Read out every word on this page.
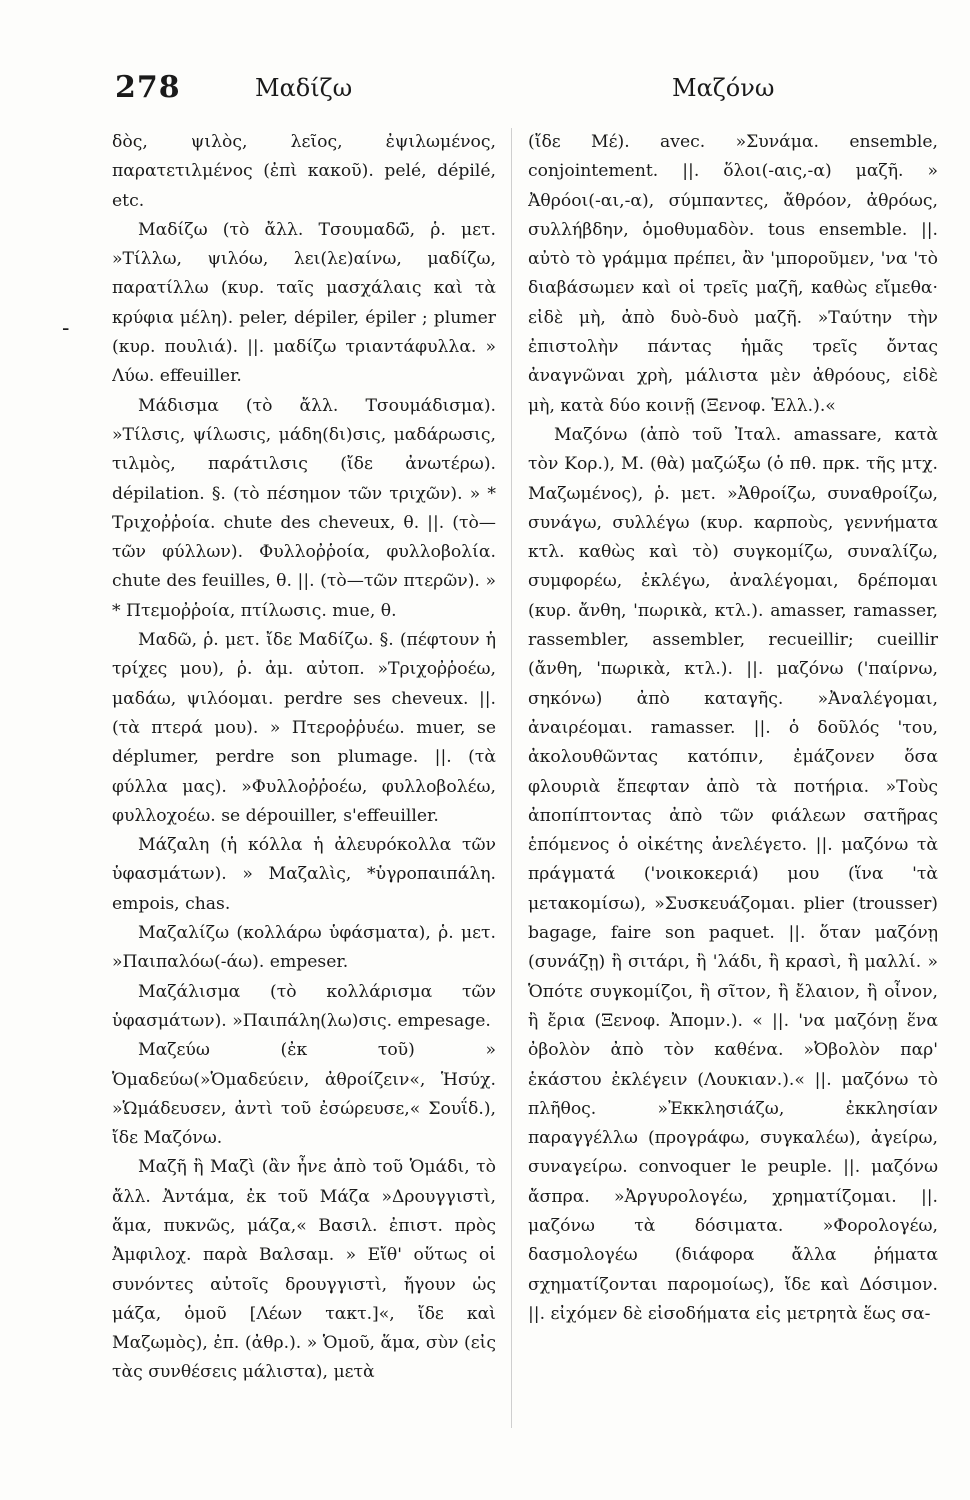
278	Μαδίζω	Μαζόνω
-

δὸς, ψιλὸς, λεῖος, ἐψιλωμένος, παρατετιλμένος (ἐπὶ κακοῦ). pelé, dépilé, etc.

Μαδίζω (τὸ ἄλλ. Τσουμαδῶ̈, ῥ. μετ. »Τίλλω, ψιλόω, λει(λε)αίνω, μαδίζω, παρατίλλω (κυρ. ταῖς μασχάλαις καὶ τὰ κρύφια μέλη). peler, dépiler, épiler ; plumer (κυρ. πουλιά). ||. μαδίζω τριαντάφυλλα. » Λύω. effeuiller.

Μάδισμα (τὸ ἄλλ. Τσουμάδισμα). »Τίλσις, ψίλωσις, μάδη(δι)σις, μαδάρωσις, τιλμὸς, παράτιλσις (ἴδε ἀνωτέρω). dépilation. §. (τὸ πέσημον τῶν τριχῶν). » * Τριχοῤῥοία. chute des cheveux, θ. ||. (τὸ—τῶν φύλλων). Φυλλοῤῥοία, φυλλοβολία. chute des feuilles, θ. ||. (τὸ—τῶν πτερῶν). » * Πτεμοῤῥοία, πτίλωσις. mue, θ.

Μαδῶ, ῥ. μετ. ἴδε Μαδίζω. §. (πέφτουν ἡ τρίχες μου), ῥ. ἀμ. αὐτοπ. »Τριχοῤῥοέω, μαδάω, ψιλόομαι. perdre ses cheveux. ||. (τὰ πτερά μου). » Πτεροῤῥυέω. muer, se déplumer, perdre son plumage. ||. (τὰ φύλλα μας). »Φυλλοῤῥοέω, φυλλοβολέω, φυλλοχοέω. se dépouiller, s'effeuiller.

Μάζαλη (ἡ κόλλα ἡ ἀλευρόκολλα τῶν ὑφασμάτων). » Μαζαλὶς, *ὑγροπαιπάλη. empois, chas.

Μαζαλίζω (κολλάρω ὑφάσματα), ῥ. μετ. »Παιπαλόω(-άω). empeser.

Μαζάλισμα (τὸ κολλάρισμα τῶν ὑφασμάτων). »Παιπάλη(λω)σις. empesage.

Μαζεύω (ἐκ τοῦ) » Ὁμαδεύω(»Ὁμαδεύειν, ἀθροίζειν«, Ἡσύχ. »Ὡμάδευσεν, ἀντὶ τοῦ ἐσώρευσε,« Σουΐδ.), ἴδε Μαζόνω.

Μαζῆ ἢ Μαζὶ (ἂν ἦνε ἀπὸ τοῦ Ὁμάδι, τὸ ἄλλ. Ἀντάμα, ἐκ τοῦ Μάζα »Δρουγγιστὶ, ἅμα, πυκνῶς, μάζα,« Βασιλ. ἐπιστ. πρὸς Ἀμφιλοχ. παρὰ Βαλσαμ. » Εἴθ' οὕτως οἱ συνόντες αὐτοῖς δρουγγιστὶ, ἤγουν ὡς μάζα, ὁμοῦ [Λέων τακτ.]«, ἴδε καὶ Μαζωμὸς), ἐπ. (ἀθρ.). » Ὁμοῦ, ἅμα, σὺν (εἰς τὰς συνθέσεις μάλιστα), μετὰ

(ἴδε Μέ). avec. »Συνάμα. ensemble, conjointement. ||. ὅλοι(-αις,-α) μαζῆ. » Ἀθρόοι(-αι,-α), σύμπαντες, ἄθρόον, ἀθρόως, συλλήβδην, ὁμοθυμαδὸν. tous ensemble. ||. αὐτὸ τὸ γράμμα πρέπει, ἂν 'μποροῦμεν, 'να 'τὸ διαβάσωμεν καὶ οἱ τρεῖς μαζῆ, καθὼς εἴμεθα· εἰδὲ μὴ, ἀπὸ δυὸ-δυὸ μαζῆ. »Ταύτην τὴν ἐπιστολὴν πάντας ἡμᾶς τρεῖς ὄντας ἀναγνῶναι χρὴ, μάλιστα μὲν ἀθρόους, εἰδὲ μὴ, κατὰ δύο κοινῇ (Ξενοφ. Ἑλλ.).«

Μαζόνω (ἀπὸ τοῦ Ἰταλ. amassare, κατὰ τὸν Κορ.), Μ. (θὰ) μαζώξω (ὁ πθ. πρκ. τῆς μτχ. Μαζωμένος), ῥ. μετ. »Ἀθροίζω, συναθροίζω, συνάγω, συλλέγω (κυρ. καρποὺς, γεννήματα κτλ. καθὼς καὶ τὸ) συγκομίζω, συναλίζω, συμφορέω, ἐκλέγω, ἀναλέγομαι, δρέπομαι (κυρ. ἄνθη, 'πωρικὰ, κτλ.). amasser, ramasser, rassembler, assembler, recueillir; cueillir (ἄνθη, 'πωρικὰ, κτλ.). ||. μαζόνω ('παίρνω, σηκόνω) ἀπὸ καταγῆς. »Ἀναλέγομαι, ἀναιρέομαι. ramasser. ||. ὁ δοῦλός 'του, ἀκολουθῶντας κατόπιν, ἐμάζονεν ὅσα φλουριὰ ἔπεφταν ἀπὸ τὰ ποτήρια. »Τοὺς ἀποπίπτοντας ἀπὸ τῶν φιάλεων σατῆρας ἑπόμενος ὁ οἰκέτης ἀνελέγετο. ||. μαζόνω τὰ πράγματά ('νοικοκεριά) μου (ἵνα 'τὰ μετακομίσω), »Συσκευάζομαι. plier (trousser) bagage, faire son paquet. ||. ὅταν μαζόνῃ (συνάζῃ) ἢ σιτάρι, ἢ 'λάδι, ἢ κρασὶ, ἢ μαλλί. » Ὁπότε συγκομίζοι, ἢ σῖτον, ἢ ἔλαιον, ἢ οἶνον, ἢ ἔρια (Ξενοφ. Ἀπομν.). « ||. 'να μαζόνῃ ἕνα ὀβολὸν ἀπὸ τὸν καθένα. »Ὀβολὸν παρ' ἑκάστου ἐκλέγειν (Λουκιαν.).« ||. μαζόνω τὸ πλῆθος. »Ἐκκλησιάζω, ἐκκλησίαν παραγγέλλω (προγράφω, συγκαλέω), ἀγείρω, συναγείρω. convoquer le peuple. ||. μαζόνω ἄσπρα. »Ἀργυρολογέω, χρηματίζομαι. ||. μαζόνω τὰ δόσιματα. »Φορολογέω, δασμολογέω (διάφορα ἄλλα ῥήματα σχηματίζονται παρομοίως), ἴδε καὶ Δόσιμον. ||. εἰχόμεν δὲ εἰσοδήματα εἰς μετρητὰ ἕως σα-
